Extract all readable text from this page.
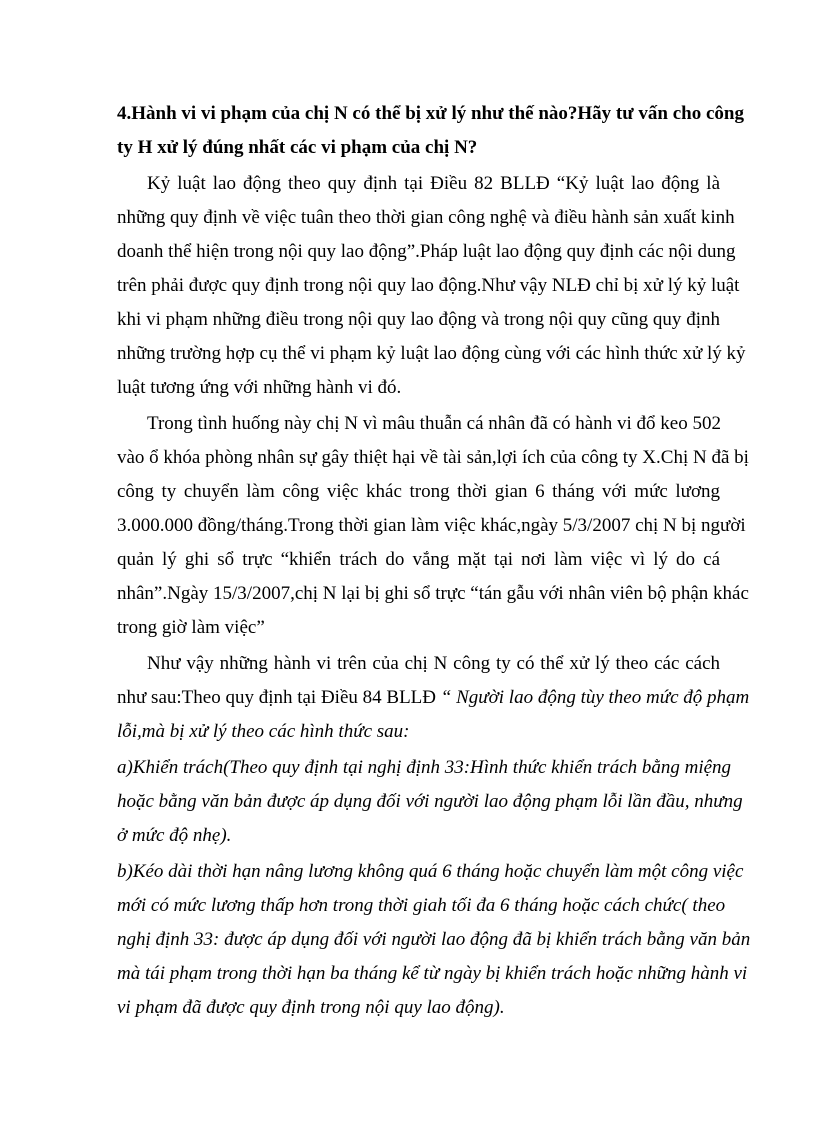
4.Hành vi vi phạm của chị N có thể bị xử lý như thế nào?Hãy tư vấn cho công
ty H xử lý đúng nhất các vi phạm của chị N?
Kỷ luật lao động theo quy định tại Điều 82 BLLĐ “Kỷ luật lao động là
những quy định về việc tuân theo thời gian công nghệ và điều hành sản xuất kinh
doanh thể hiện trong nội quy lao động”.Pháp luật lao động quy định các nội dung
trên phải được quy định trong nội quy lao động.Như vậy NLĐ chỉ bị xử lý kỷ luật
khi vi phạm những điều trong nội quy lao động và trong nội quy cũng quy định
những trường hợp cụ thể vi phạm kỷ luật lao động cùng với các hình thức xử lý kỷ
luật tương ứng với những hành vi đó.
Trong tình huống này chị N vì mâu thuẫn cá nhân đã có hành vi đổ keo 502
vào ổ khóa phòng nhân sự gây thiệt hại về tài sản,lợi ích của công ty X.Chị N đã bị
công ty chuyển làm công việc khác trong thời gian 6 tháng với mức lương
3.000.000 đồng/tháng.Trong thời gian làm việc khác,ngày 5/3/2007 chị N bị người
quản lý ghi sổ trực “khiển trách do vắng mặt tại nơi làm việc vì lý do cá
nhân”.Ngày 15/3/2007,chị N lại bị ghi sổ trực “tán gẫu với nhân viên bộ phận khác
trong giờ làm việc”
Như vậy những hành vi trên của chị N công ty có thể xử lý theo các cách
như sau:Theo quy định tại Điều 84 BLLĐ “ Người lao động tùy theo mức độ phạm
lỗi,mà bị xử lý theo các hình thức sau:
a)Khiển trách(Theo quy định tại nghị định 33:Hình thức khiển trách bằng miệng
hoặc bằng văn bản được áp dụng đối với người lao động phạm lỗi lần đầu, nhưng
ở mức độ nhẹ).
b)Kéo dài thời hạn nâng lương không quá 6 tháng hoặc chuyển làm một công việc
mới có mức lương thấp hơn trong thời giah tối đa 6 tháng hoặc cách chức( theo
nghị định 33: được áp dụng đối với người lao động đã bị khiển trách bằng văn bản
mà tái phạm trong thời hạn ba tháng kể từ ngày bị khiển trách hoặc những hành vi
vi phạm đã được quy định trong nội quy lao động).
